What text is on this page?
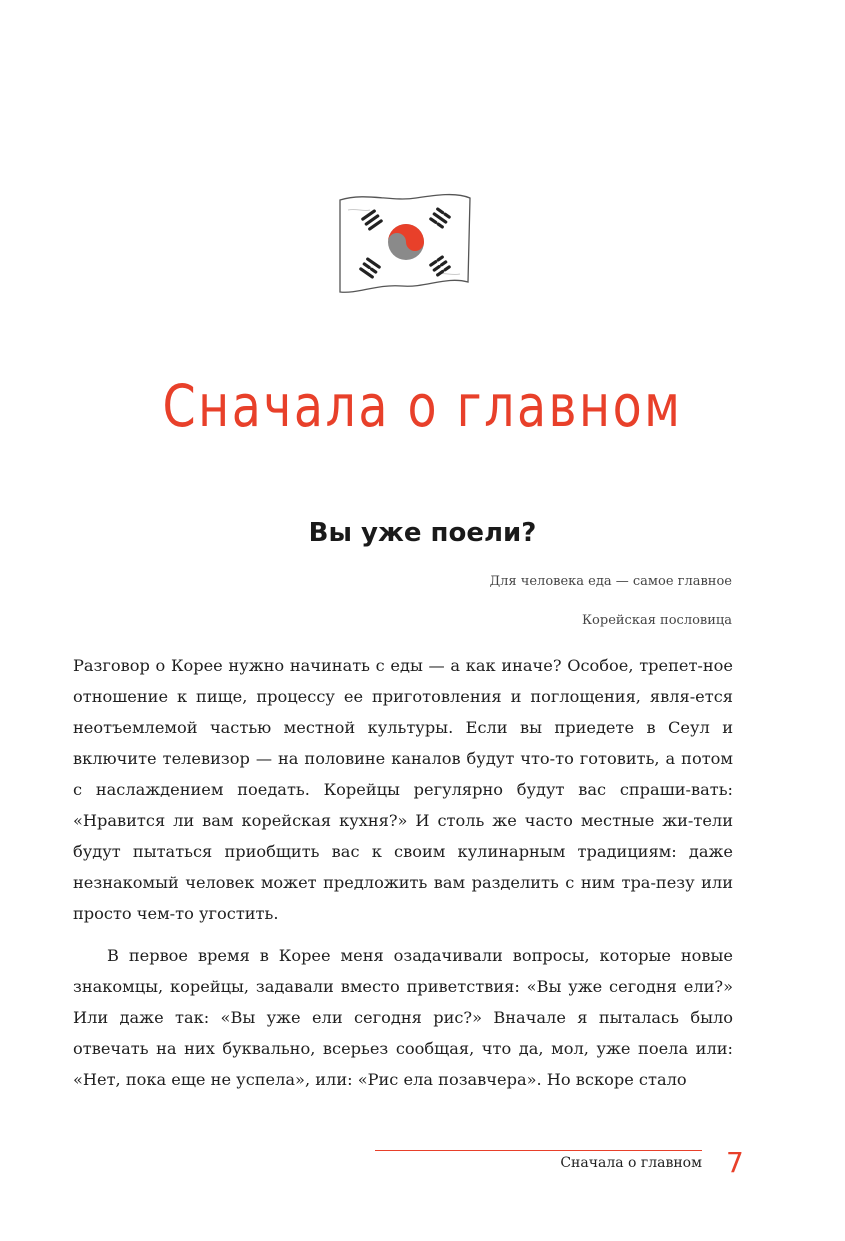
Сначала о главном
Вы уже поели?
Для человека еда — самое главное
Корейская пословица

Разговор о Корее нужно начинать с еды — а как иначе? Особое, трепет-ное отношение к пище, процессу ее приготовления и поглощения, явля-ется неотъемлемой частью местной культуры. Если вы приедете в Сеул и включите телевизор — на половине каналов будут что-то готовить, а потом с наслаждением поедать. Корейцы регулярно будут вас спраши-вать: «Нравится ли вам корейская кухня?» И столь же часто местные жи-тели будут пытаться приобщить вас к своим кулинарным традициям: даже незнакомый человек может предложить вам разделить с ним тра-пезу или просто чем-то угостить.

В первое время в Корее меня озадачивали вопросы, которые новые знакомцы, корейцы, задавали вместо приветствия: «Вы уже сегодня ели?» Или даже так: «Вы уже ели сегодня рис?» Вначале я пыталась было отвечать на них буквально, всерьез сообщая, что да, мол, уже поела или: «Нет, пока еще не успела», или: «Рис ела позавчера». Но вскоре стало

Сначала о главном 7
